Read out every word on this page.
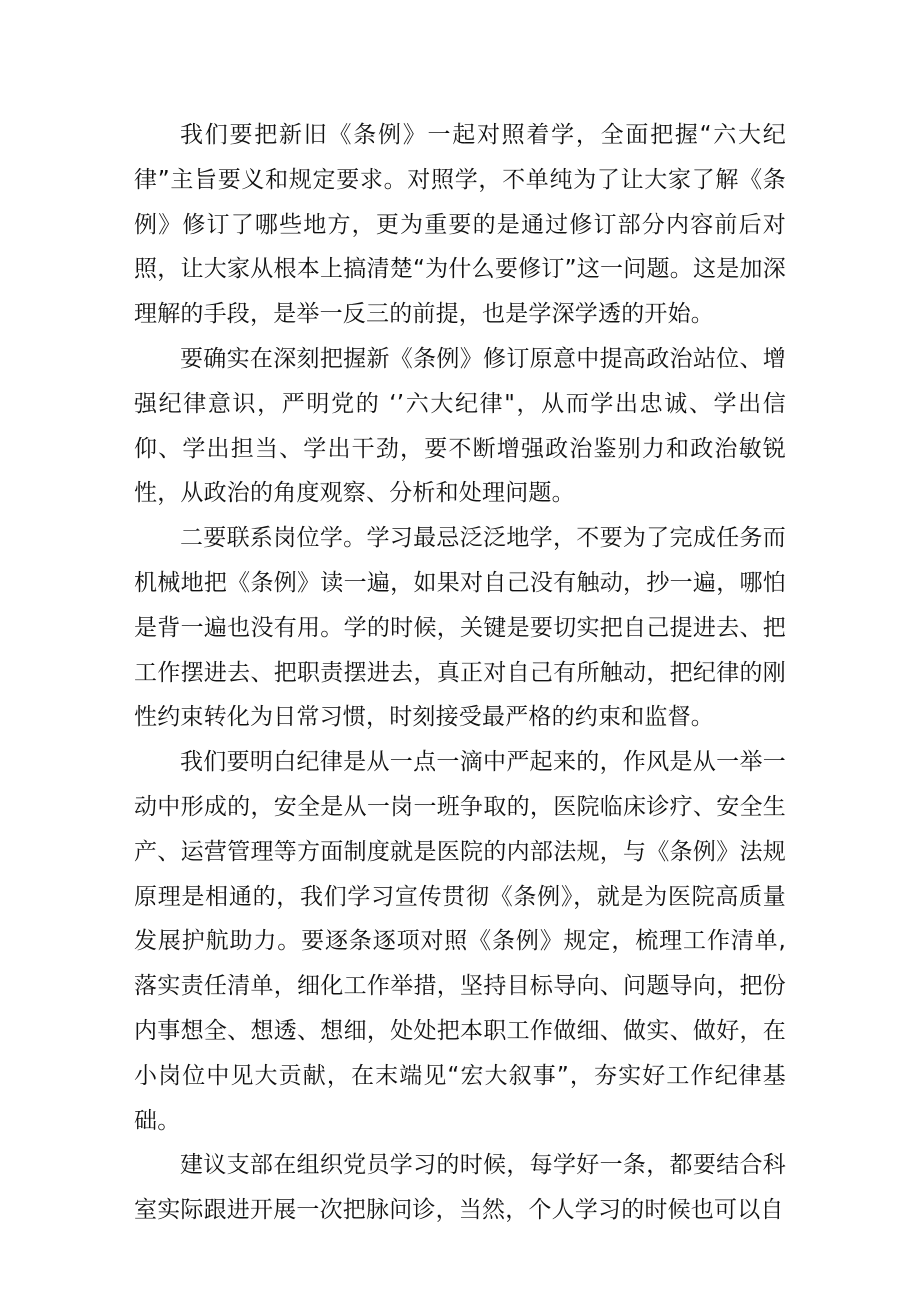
我们要把新旧《条例》一起对照着学，全面把握“六大纪律”主旨要义和规定要求。对照学，不单纯为了让大家了解《条例》修订了哪些地方，更为重要的是通过修订部分内容前后对照，让大家从根本上搞清楚“为什么要修订”这一问题。这是加深理解的手段，是举一反三的前提，也是学深学透的开始。

要确实在深刻把握新《条例》修订原意中提高政治站位、增强纪律意识，严明党的 ‘’六大纪律"，从而学出忠诚、学出信仰、学出担当、学出干劲，要不断增强政治鉴别力和政治敏锐性，从政治的角度观察、分析和处理问题。

二要联系岗位学。学习最忌泛泛地学，不要为了完成任务而机械地把《条例》读一遍，如果对自己没有触动，抄一遍，哪怕是背一遍也没有用。学的时候，关键是要切实把自己提进去、把工作摆进去、把职责摆进去，真正对自己有所触动，把纪律的刚性约束转化为日常习惯，时刻接受最严格的约束和监督。

我们要明白纪律是从一点一滴中严起来的，作风是从一举一动中形成的，安全是从一岗一班争取的，医院临床诊疗、安全生产、运营管理等方面制度就是医院的内部法规，与《条例》法规原理是相通的，我们学习宣传贯彻《条例》，就是为医院高质量发展护航助力。要逐条逐项对照《条例》规定，梳理工作清单,落实责任清单，细化工作举措，坚持目标导向、问题导向，把份内事想全、想透、想细，处处把本职工作做细、做实、做好，在小岗位中见大贡献，在末端见“宏大叙事”，夯实好工作纪律基础。

建议支部在组织党员学习的时候，每学好一条，都要结合科室实际跟进开展一次把脉问诊，当然，个人学习的时候也可以自
